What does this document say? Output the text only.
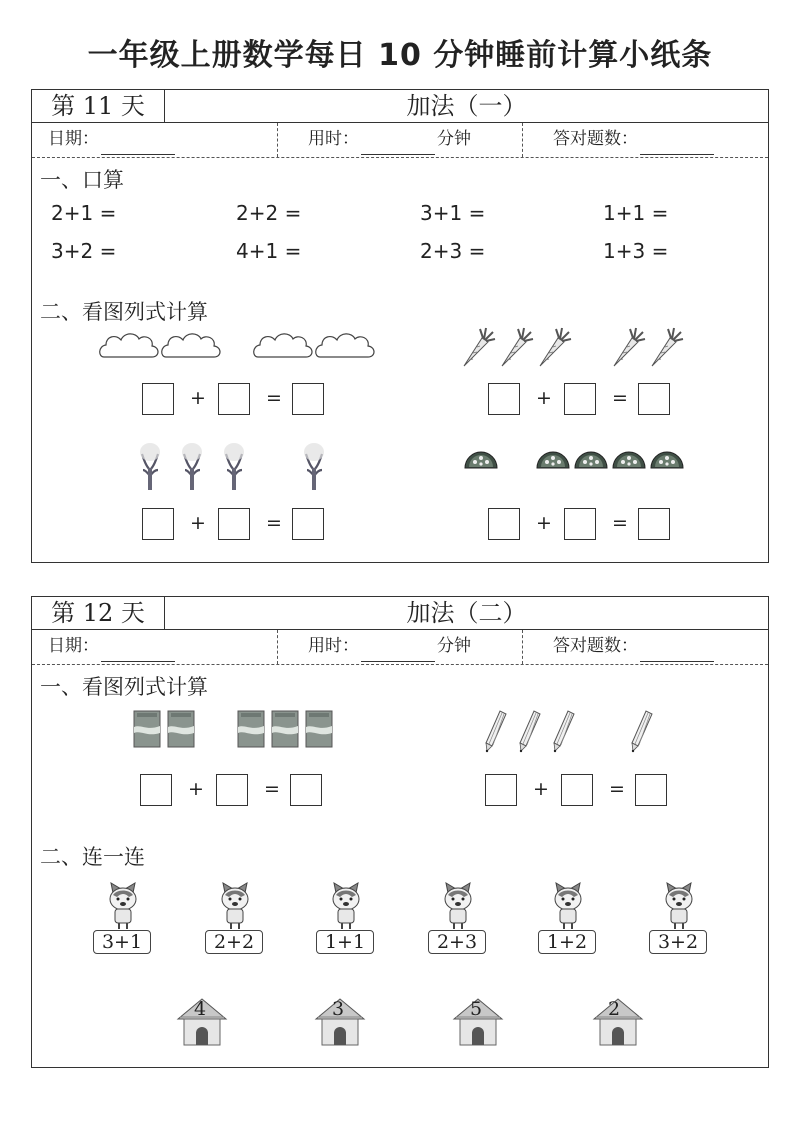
一年级上册数学每日 10 分钟睡前计算小纸条
第 11 天	加法（一）
日期：	用时：	分钟	答对题数：
一、口算
2+1 =	2+2 =	3+1 =	1+1 =
3+2 =	4+1 =	2+3 =	1+3 =
二、看图列式计算
+	=	+	=
+	=	+	=
第 12 天	加法（二）
日期：	用时：	分钟	答对题数：
一、看图列式计算
+	=	+	=
二、连一连
3+1	2+2	1+1	2+3	1+2	3+2
4	3	5	2
